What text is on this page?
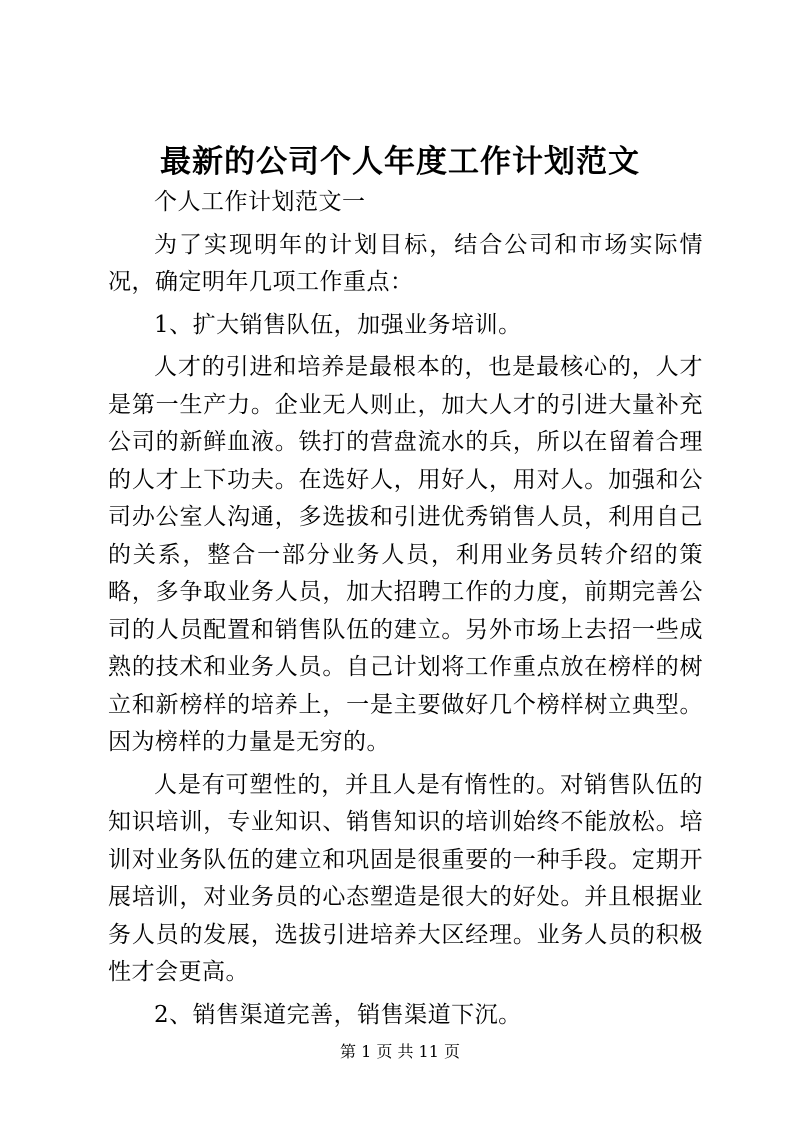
最新的公司个人年度工作计划范文

个人工作计划范文一

为了实现明年的计划目标，结合公司和市场实际情况，确定明年几项工作重点：

1、扩大销售队伍，加强业务培训。

人才的引进和培养是最根本的，也是最核心的，人才是第一生产力。企业无人则止，加大人才的引进大量补充公司的新鲜血液。铁打的营盘流水的兵，所以在留着合理的人才上下功夫。在选好人，用好人，用对人。加强和公司办公室人沟通，多选拔和引进优秀销售人员，利用自己的关系，整合一部分业务人员，利用业务员转介绍的策略，多争取业务人员，加大招聘工作的力度，前期完善公司的人员配置和销售队伍的建立。另外市场上去招一些成熟的技术和业务人员。自己计划将工作重点放在榜样的树立和新榜样的培养上，一是主要做好几个榜样树立典型。因为榜样的力量是无穷的。

人是有可塑性的，并且人是有惰性的。对销售队伍的知识培训，专业知识、销售知识的培训始终不能放松。培训对业务队伍的建立和巩固是很重要的一种手段。定期开展培训，对业务员的心态塑造是很大的好处。并且根据业务人员的发展，选拔引进培养大区经理。业务人员的积极性才会更高。

2、销售渠道完善，销售渠道下沉。

第 1 页 共 11 页
